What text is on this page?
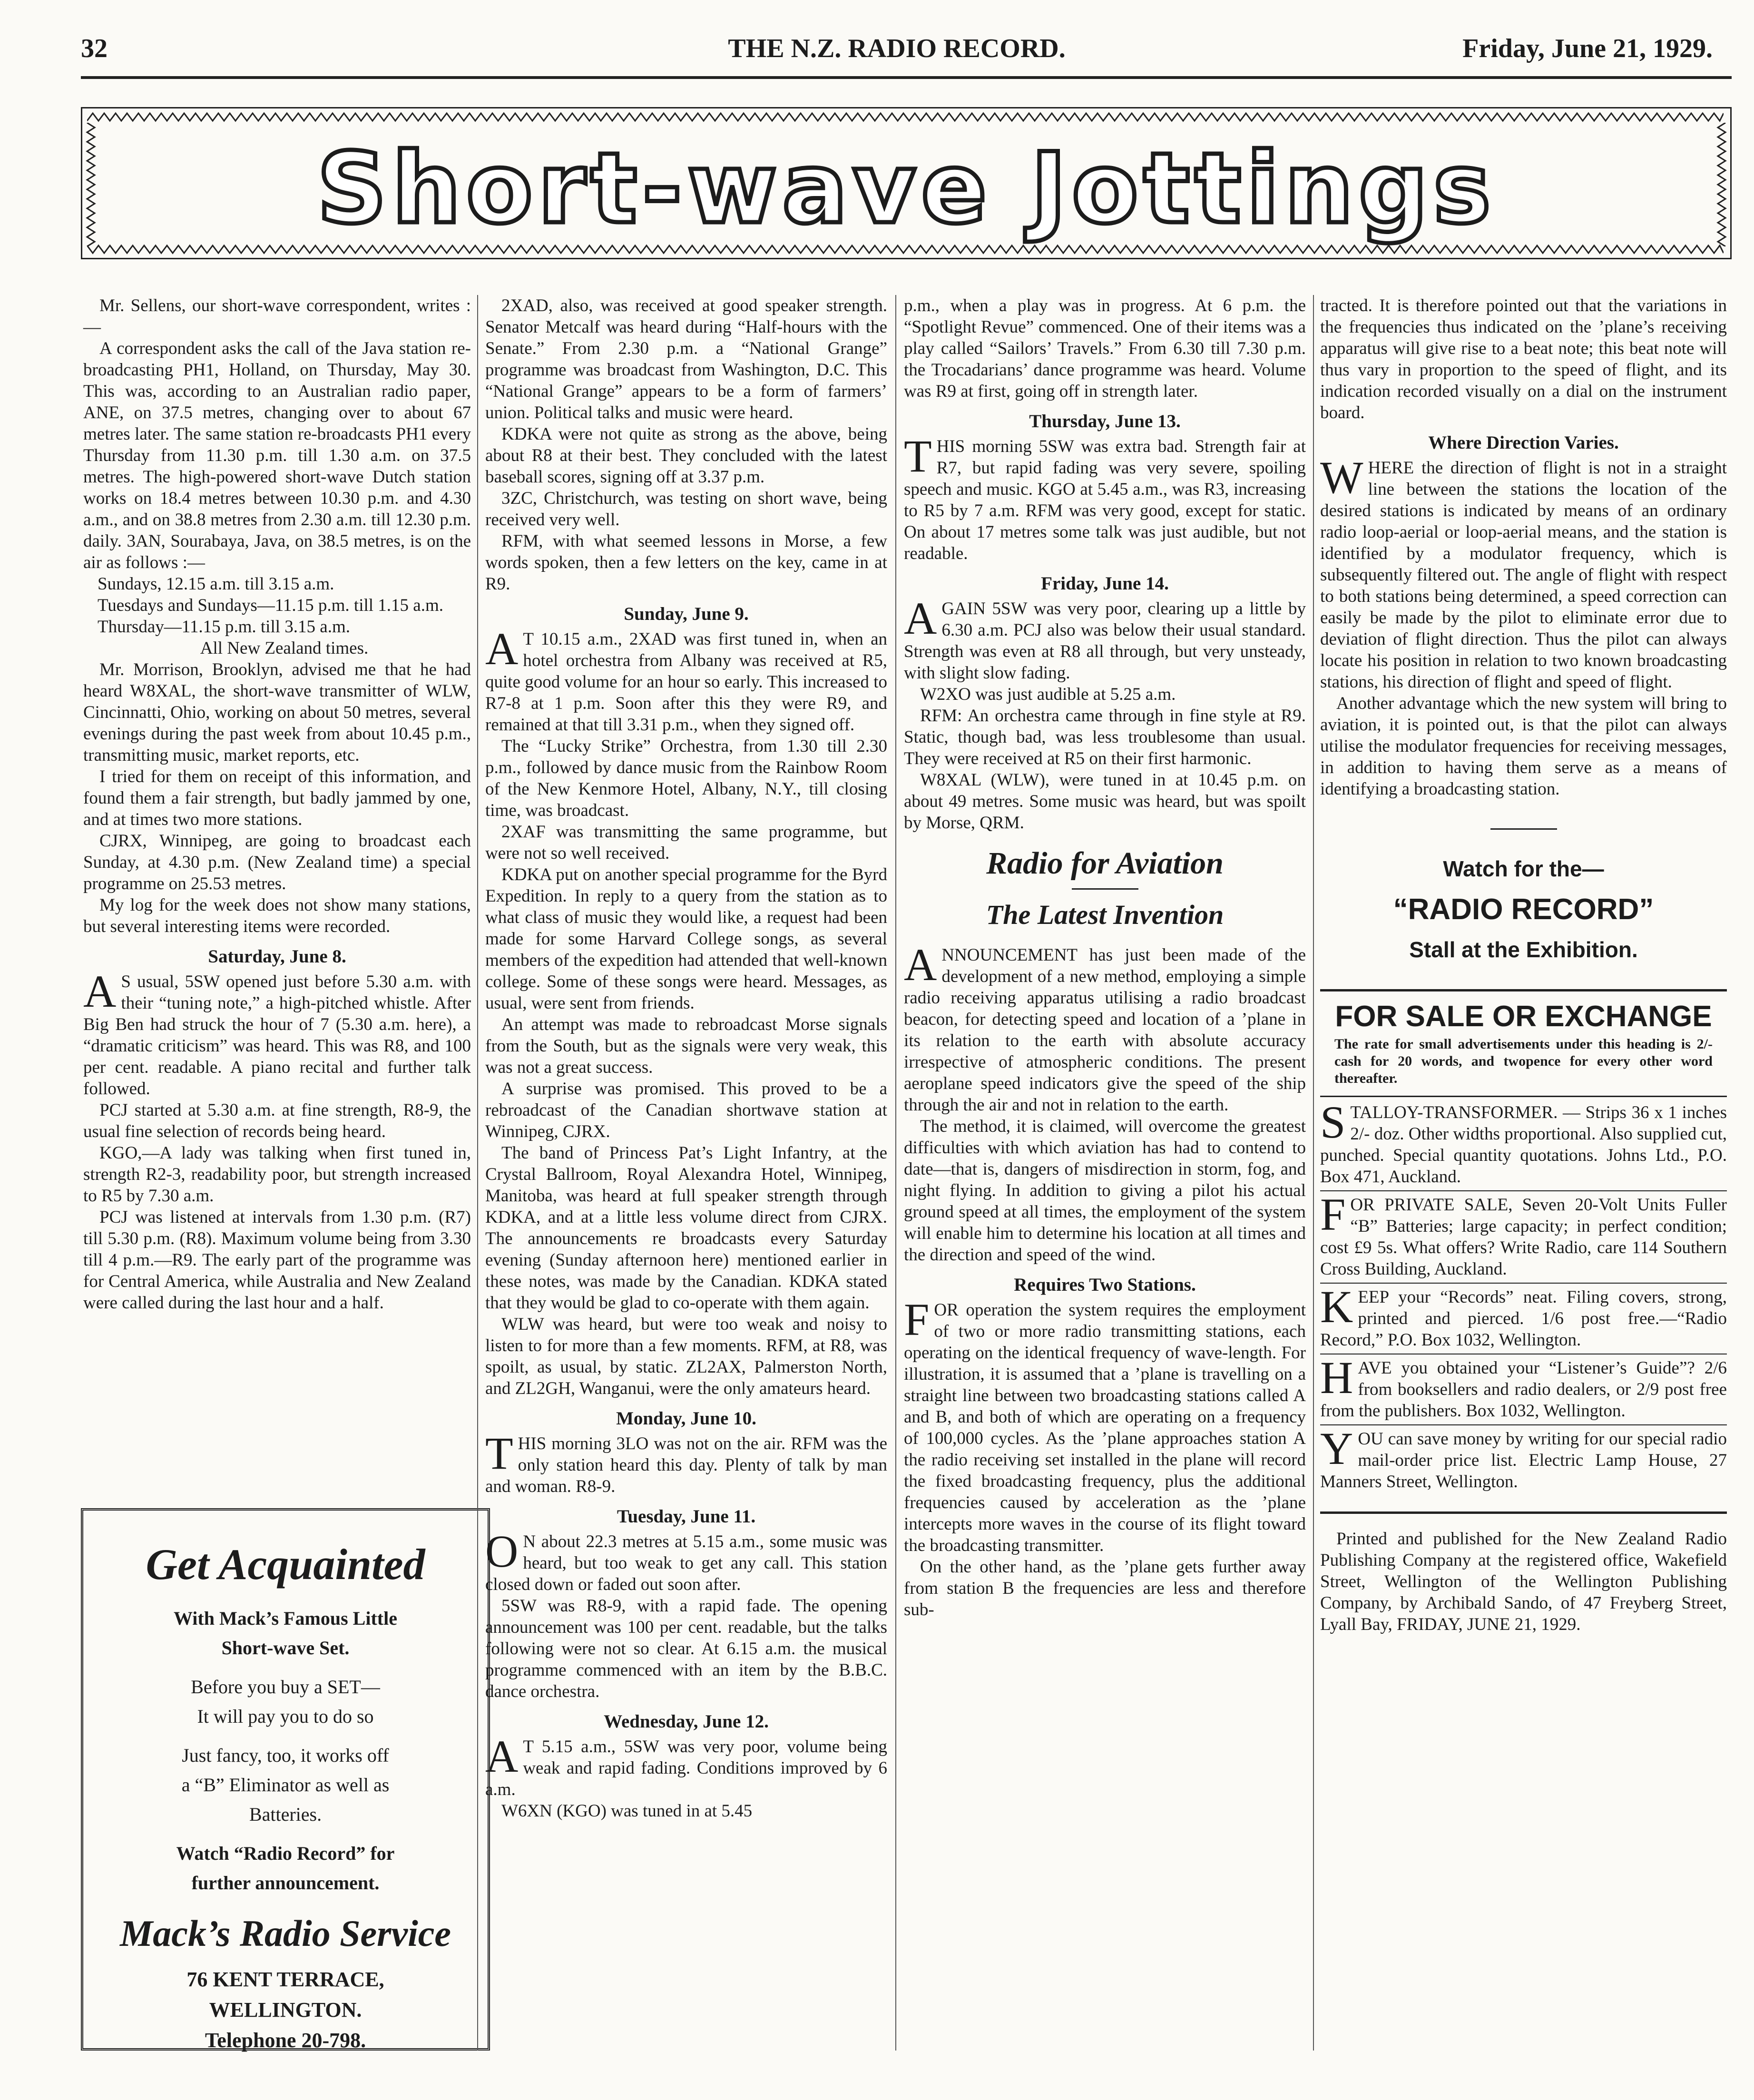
32	THE N.Z. RADIO RECORD.	Friday, June 21, 1929.
Short-wave Jottings

Mr. Sellens, our short-wave correspondent, writes :—

A correspondent asks the call of the Java station re-broadcasting PH1, Holland, on Thursday, May 30. This was, according to an Australian radio paper, ANE, on 37.5 metres, changing over to about 67 metres later. The same station re-broadcasts PH1 every Thursday from 11.30 p.m. till 1.30 a.m. on 37.5 metres. The high-powered short-wave Dutch station works on 18.4 metres between 10.30 p.m. and 4.30 a.m., and on 38.8 metres from 2.30 a.m. till 12.30 p.m. daily. 3AN, Sourabaya, Java, on 38.5 metres, is on the air as follows :—

Sundays, 12.15 a.m. till 3.15 a.m.

Tuesdays and Sundays—11.15 p.m. till 1.15 a.m.

Thursday—11.15 p.m. till 3.15 a.m.

All New Zealand times.

Mr. Morrison, Brooklyn, advised me that he had heard W8XAL, the short-wave transmitter of WLW, Cincinnatti, Ohio, working on about 50 metres, several evenings during the past week from about 10.45 p.m., transmitting music, market reports, etc.

I tried for them on receipt of this information, and found them a fair strength, but badly jammed by one, and at times two more stations.

CJRX, Winnipeg, are going to broadcast each Sunday, at 4.30 p.m. (New Zealand time) a special programme on 25.53 metres.

My log for the week does not show many stations, but several interesting items were recorded.

Saturday, June 8.

AS usual, 5SW opened just before 5.30 a.m. with their “tuning note,” a high-pitched whistle. After Big Ben had struck the hour of 7 (5.30 a.m. here), a “dramatic criticism” was heard. This was R8, and 100 per cent. readable. A piano recital and further talk followed.

PCJ started at 5.30 a.m. at fine strength, R8-9, the usual fine selection of records being heard.

KGO,—A lady was talking when first tuned in, strength R2-3, readability poor, but strength increased to R5 by 7.30 a.m.

PCJ was listened at intervals from 1.30 p.m. (R7) till 5.30 p.m. (R8). Maximum volume being from 3.30 till 4 p.m.—R9. The early part of the programme was for Central America, while Australia and New Zealand were called during the last hour and a half.

Get Acquainted
With Mack’s Famous Little
Short-wave Set.
Before you buy a SET—
It will pay you to do so
Just fancy, too, it works off
a “B” Eliminator as well as
Batteries.
Watch “Radio Record” for
further announcement.
Mack’s Radio Service
76 KENT TERRACE,
WELLINGTON.
Telephone 20-798.

2XAD, also, was received at good speaker strength. Senator Metcalf was heard during “Half-hours with the Senate.” From 2.30 p.m. a “National Grange” programme was broadcast from Washington, D.C. This “National Grange” appears to be a form of farmers’ union. Political talks and music were heard.

KDKA were not quite as strong as the above, being about R8 at their best. They concluded with the latest baseball scores, signing off at 3.37 p.m.

3ZC, Christchurch, was testing on short wave, being received very well.

RFM, with what seemed lessons in Morse, a few words spoken, then a few letters on the key, came in at R9.

Sunday, June 9.

AT 10.15 a.m., 2XAD was first tuned in, when an hotel orchestra from Albany was received at R5, quite good volume for an hour so early. This increased to R7-8 at 1 p.m. Soon after this they were R9, and remained at that till 3.31 p.m., when they signed off.

The “Lucky Strike” Orchestra, from 1.30 till 2.30 p.m., followed by dance music from the Rainbow Room of the New Kenmore Hotel, Albany, N.Y., till closing time, was broadcast.

2XAF was transmitting the same programme, but were not so well received.

KDKA put on another special programme for the Byrd Expedition. In reply to a query from the station as to what class of music they would like, a request had been made for some Harvard College songs, as several members of the expedition had attended that well-known college. Some of these songs were heard. Messages, as usual, were sent from friends.

An attempt was made to rebroadcast Morse signals from the South, but as the signals were very weak, this was not a great success.

A surprise was promised. This proved to be a rebroadcast of the Canadian shortwave station at Winnipeg, CJRX.

The band of Princess Pat’s Light Infantry, at the Crystal Ballroom, Royal Alexandra Hotel, Winnipeg, Manitoba, was heard at full speaker strength through KDKA, and at a little less volume direct from CJRX. The announcements re broadcasts every Saturday evening (Sunday afternoon here) mentioned earlier in these notes, was made by the Canadian. KDKA stated that they would be glad to co-operate with them again.

WLW was heard, but were too weak and noisy to listen to for more than a few moments. RFM, at R8, was spoilt, as usual, by static. ZL2AX, Palmerston North, and ZL2GH, Wanganui, were the only amateurs heard.

Monday, June 10.

THIS morning 3LO was not on the air. RFM was the only station heard this day. Plenty of talk by man and woman. R8-9.

Tuesday, June 11.

ON about 22.3 metres at 5.15 a.m., some music was heard, but too weak to get any call. This station closed down or faded out soon after.

5SW was R8-9, with a rapid fade. The opening announcement was 100 per cent. readable, but the talks following were not so clear. At 6.15 a.m. the musical programme commenced with an item by the B.B.C. dance orchestra.

Wednesday, June 12.

AT 5.15 a.m., 5SW was very poor, volume being weak and rapid fading. Conditions improved by 6 a.m.

W6XN (KGO) was tuned in at 5.45

p.m., when a play was in progress. At 6 p.m. the “Spotlight Revue” commenced. One of their items was a play called “Sailors’ Travels.” From 6.30 till 7.30 p.m. the Trocadarians’ dance programme was heard. Volume was R9 at first, going off in strength later.

Thursday, June 13.

THIS morning 5SW was extra bad. Strength fair at R7, but rapid fading was very severe, spoiling speech and music. KGO at 5.45 a.m., was R3, increasing to R5 by 7 a.m. RFM was very good, except for static. On about 17 metres some talk was just audible, but not readable.

Friday, June 14.

AGAIN 5SW was very poor, clearing up a little by 6.30 a.m. PCJ also was below their usual standard. Strength was even at R8 all through, but very unsteady, with slight slow fading.

W2XO was just audible at 5.25 a.m.

RFM: An orchestra came through in fine style at R9. Static, though bad, was less troublesome than usual. They were received at R5 on their first harmonic.

W8XAL (WLW), were tuned in at 10.45 p.m. on about 49 metres. Some music was heard, but was spoilt by Morse, QRM.

Radio for Aviation
The Latest Invention

ANNOUNCEMENT has just been made of the development of a new method, employing a simple radio receiving apparatus utilising a radio broadcast beacon, for detecting speed and location of a ’plane in its relation to the earth with absolute accuracy irrespective of atmospheric conditions. The present aeroplane speed indicators give the speed of the ship through the air and not in relation to the earth.

The method, it is claimed, will overcome the greatest difficulties with which aviation has had to contend to date—that is, dangers of misdirection in storm, fog, and night flying. In addition to giving a pilot his actual ground speed at all times, the employment of the system will enable him to determine his location at all times and the direction and speed of the wind.

Requires Two Stations.

FOR operation the system requires the employment of two or more radio transmitting stations, each operating on the identical frequency of wave-length. For illustration, it is assumed that a ’plane is travelling on a straight line between two broadcasting stations called A and B, and both of which are operating on a frequency of 100,000 cycles. As the ’plane approaches station A the radio receiving set installed in the plane will record the fixed broadcasting frequency, plus the additional frequencies caused by acceleration as the ’plane intercepts more waves in the course of its flight toward the broadcasting transmitter.

On the other hand, as the ’plane gets further away from station B the frequencies are less and therefore sub-

tracted. It is therefore pointed out that the variations in the frequencies thus indicated on the ’plane’s receiving apparatus will give rise to a beat note; this beat note will thus vary in proportion to the speed of flight, and its indication recorded visually on a dial on the instrument board.

Where Direction Varies.

WHERE the direction of flight is not in a straight line between the stations the location of the desired stations is indicated by means of an ordinary radio loop-aerial or loop-aerial means, and the station is identified by a modulator frequency, which is subsequently filtered out. The angle of flight with respect to both stations being determined, a speed correction can easily be made by the pilot to eliminate error due to deviation of flight direction. Thus the pilot can always locate his position in relation to two known broadcasting stations, his direction of flight and speed of flight.

Another advantage which the new system will bring to aviation, it is pointed out, is that the pilot can always utilise the modulator frequencies for receiving messages, in addition to having them serve as a means of identifying a broadcasting station.

Watch for the—
“RADIO RECORD”
Stall at the Exhibition.
FOR SALE OR EXCHANGE

The rate for small advertisements under this heading is 2/- cash for 20 words, and twopence for every other word thereafter.

STALLOY-TRANSFORMER. — Strips 36 x 1 inches 2/- doz. Other widths proportional. Also supplied cut, punched. Special quantity quotations. Johns Ltd., P.O. Box 471, Auckland.

FOR PRIVATE SALE, Seven 20-Volt Units Fuller “B” Batteries; large capacity; in perfect condition; cost £9 5s. What offers? Write Radio, care 114 Southern Cross Building, Auckland.

KEEP your “Records” neat. Filing covers, strong, printed and pierced. 1/6 post free.—“Radio Record,” P.O. Box 1032, Wellington.

HAVE you obtained your “Listener’s Guide”? 2/6 from booksellers and radio dealers, or 2/9 post free from the publishers. Box 1032, Wellington.

YOU can save money by writing for our special radio mail-order price list. Electric Lamp House, 27 Manners Street, Wellington.

Printed and published for the New Zealand Radio Publishing Company at the registered office, Wakefield Street, Wellington of the Wellington Publishing Company, by Archibald Sando, of 47 Freyberg Street, Lyall Bay, FRIDAY, JUNE 21, 1929.
